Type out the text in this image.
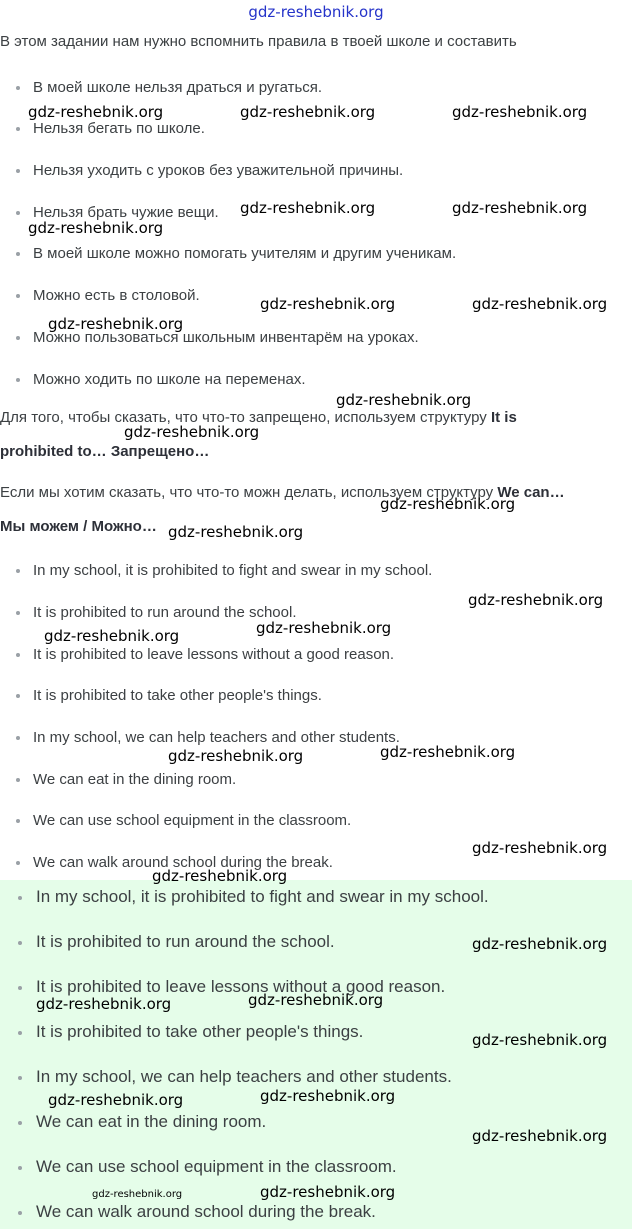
gdz-reshebnik.org

В этом задании нам нужно вспомнить правила в твоей школе и составить

В моей школе нельзя драться и ругаться.
Нельзя бегать по школе.
Нельзя уходить с уроков без уважительной причины.
Нельзя брать чужие вещи.
В моей школе можно помогать учителям и другим ученикам.
Можно есть в столовой.
Можно пользоваться школьным инвентарём на уроках.
Можно ходить по школе на переменах.

Для того, чтобы сказать, что что-то запрещено, используем структуру It is
prohibited to… Запрещено…

Если мы хотим сказать, что что-то можн делать, используем структуру We can…
Мы можем / Можно…

In my school, it is prohibited to fight and swear in my school.
It is prohibited to run around the school.
It is prohibited to leave lessons without a good reason.
It is prohibited to take other people's things.
In my school, we can help teachers and other students.
We can eat in the dining room.
We can use school equipment in the classroom.
We can walk around school during the break.
In my school, it is prohibited to fight and swear in my school.
It is prohibited to run around the school.
It is prohibited to leave lessons without a good reason.
It is prohibited to take other people's things.
In my school, we can help teachers and other students.
We can eat in the dining room.
We can use school equipment in the classroom.
We can walk around school during the break.
gdz-reshebnik.org	gdz-reshebnik.org	gdz-reshebnik.org
gdz-reshebnik.org	gdz-reshebnik.org
gdz-reshebnik.org
gdz-reshebnik.org	gdz-reshebnik.org
gdz-reshebnik.org
gdz-reshebnik.org
gdz-reshebnik.org
gdz-reshebnik.org
gdz-reshebnik.org
gdz-reshebnik.org
gdz-reshebnik.org
gdz-reshebnik.org
gdz-reshebnik.org
gdz-reshebnik.org
gdz-reshebnik.org
gdz-reshebnik.org
gdz-reshebnik.org
gdz-reshebnik.org
gdz-reshebnik.org
gdz-reshebnik.org
gdz-reshebnik.org
gdz-reshebnik.org
gdz-reshebnik.org
gdz-reshebnik.org
gdz-reshebnik.org
